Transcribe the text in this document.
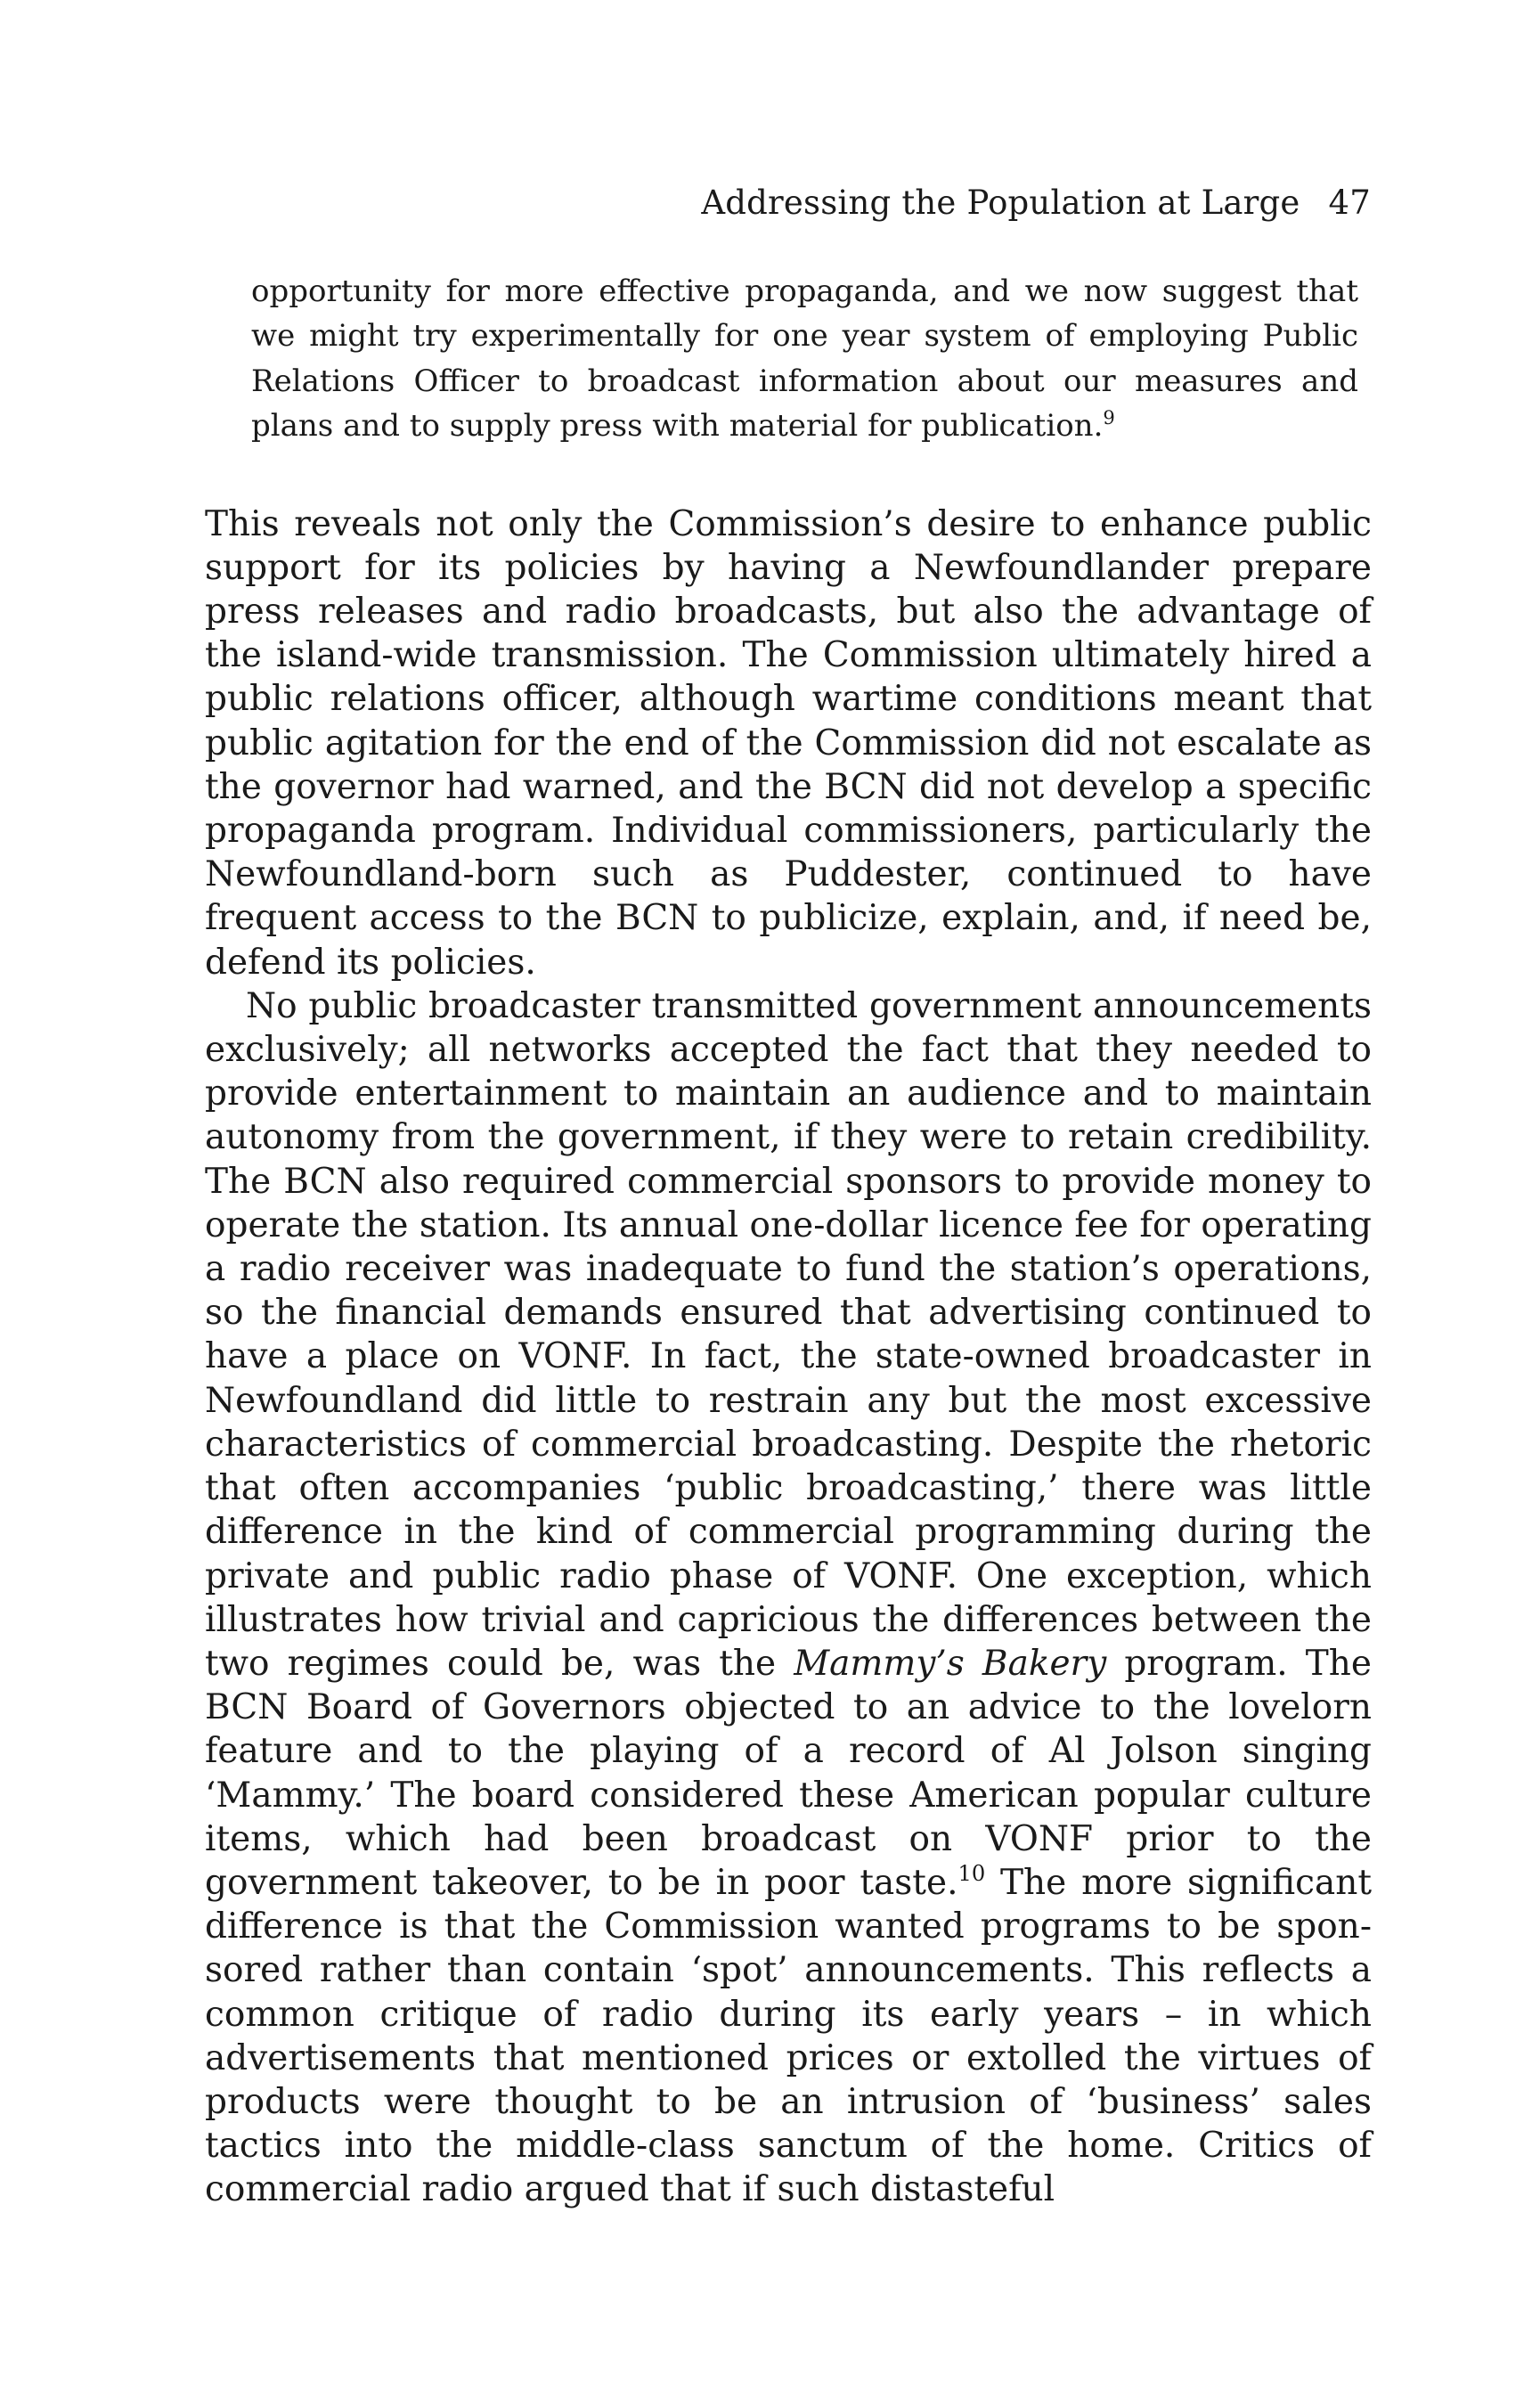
Addressing the Population at Large 47

opportunity for more effective propaganda, and we now suggest that we might try experimentally for one year system of employing Public Relations Officer to broadcast information about our measures and plans and to supply press with material for publication.$^9$

This reveals not only the Commission’s desire to enhance public support for its policies by having a Newfoundlander prepare press releases and radio broadcasts, but also the advantage of the island-wide transmission. The Commission ultimately hired a public relations officer, although wartime conditions meant that public agitation for the end of the Commission did not escalate as the governor had warned, and the BCN did not develop a specific propaganda program. Individual commissioners, particularly the Newfoundland-born such as Puddester, continued to have frequent access to the BCN to publicize, explain, and, if need be, defend its policies.

No public broadcaster transmitted government announcements exclusively; all networks accepted the fact that they needed to provide entertainment to maintain an audience and to maintain autonomy from the government, if they were to retain credibility. The BCN also required commercial sponsors to provide money to operate the station. Its annual one-dollar licence fee for operating a radio receiver was inadequate to fund the station’s operations, so the financial demands ensured that advertising continued to have a place on VONF. In fact, the state-owned broadcaster in Newfoundland did little to restrain any but the most excessive characteristics of commercial broadcasting. Despite the rhetoric that often accompanies ‘public broadcasting,’ there was little difference in the kind of commercial programming during the private and public radio phase of VONF. One exception, which illustrates how trivial and capricious the differences between the two regimes could be, was the Mammy’s Bakery program. The BCN Board of Governors objected to an advice to the lovelorn feature and to the playing of a record of Al Jolson singing ‘Mammy.’ The board considered these American popular culture items, which had been broadcast on VONF prior to the government takeover, to be in poor taste.$^{10}$ The more significant difference is that the Commission wanted programs to be sponsored rather than contain ‘spot’ announcements. This reflects a common critique of radio during its early years – in which advertisements that mentioned prices or extolled the virtues of products were thought to be an intrusion of ‘business’ sales tactics into the middle-class sanctum of the home. Critics of commercial radio argued that if such distasteful
